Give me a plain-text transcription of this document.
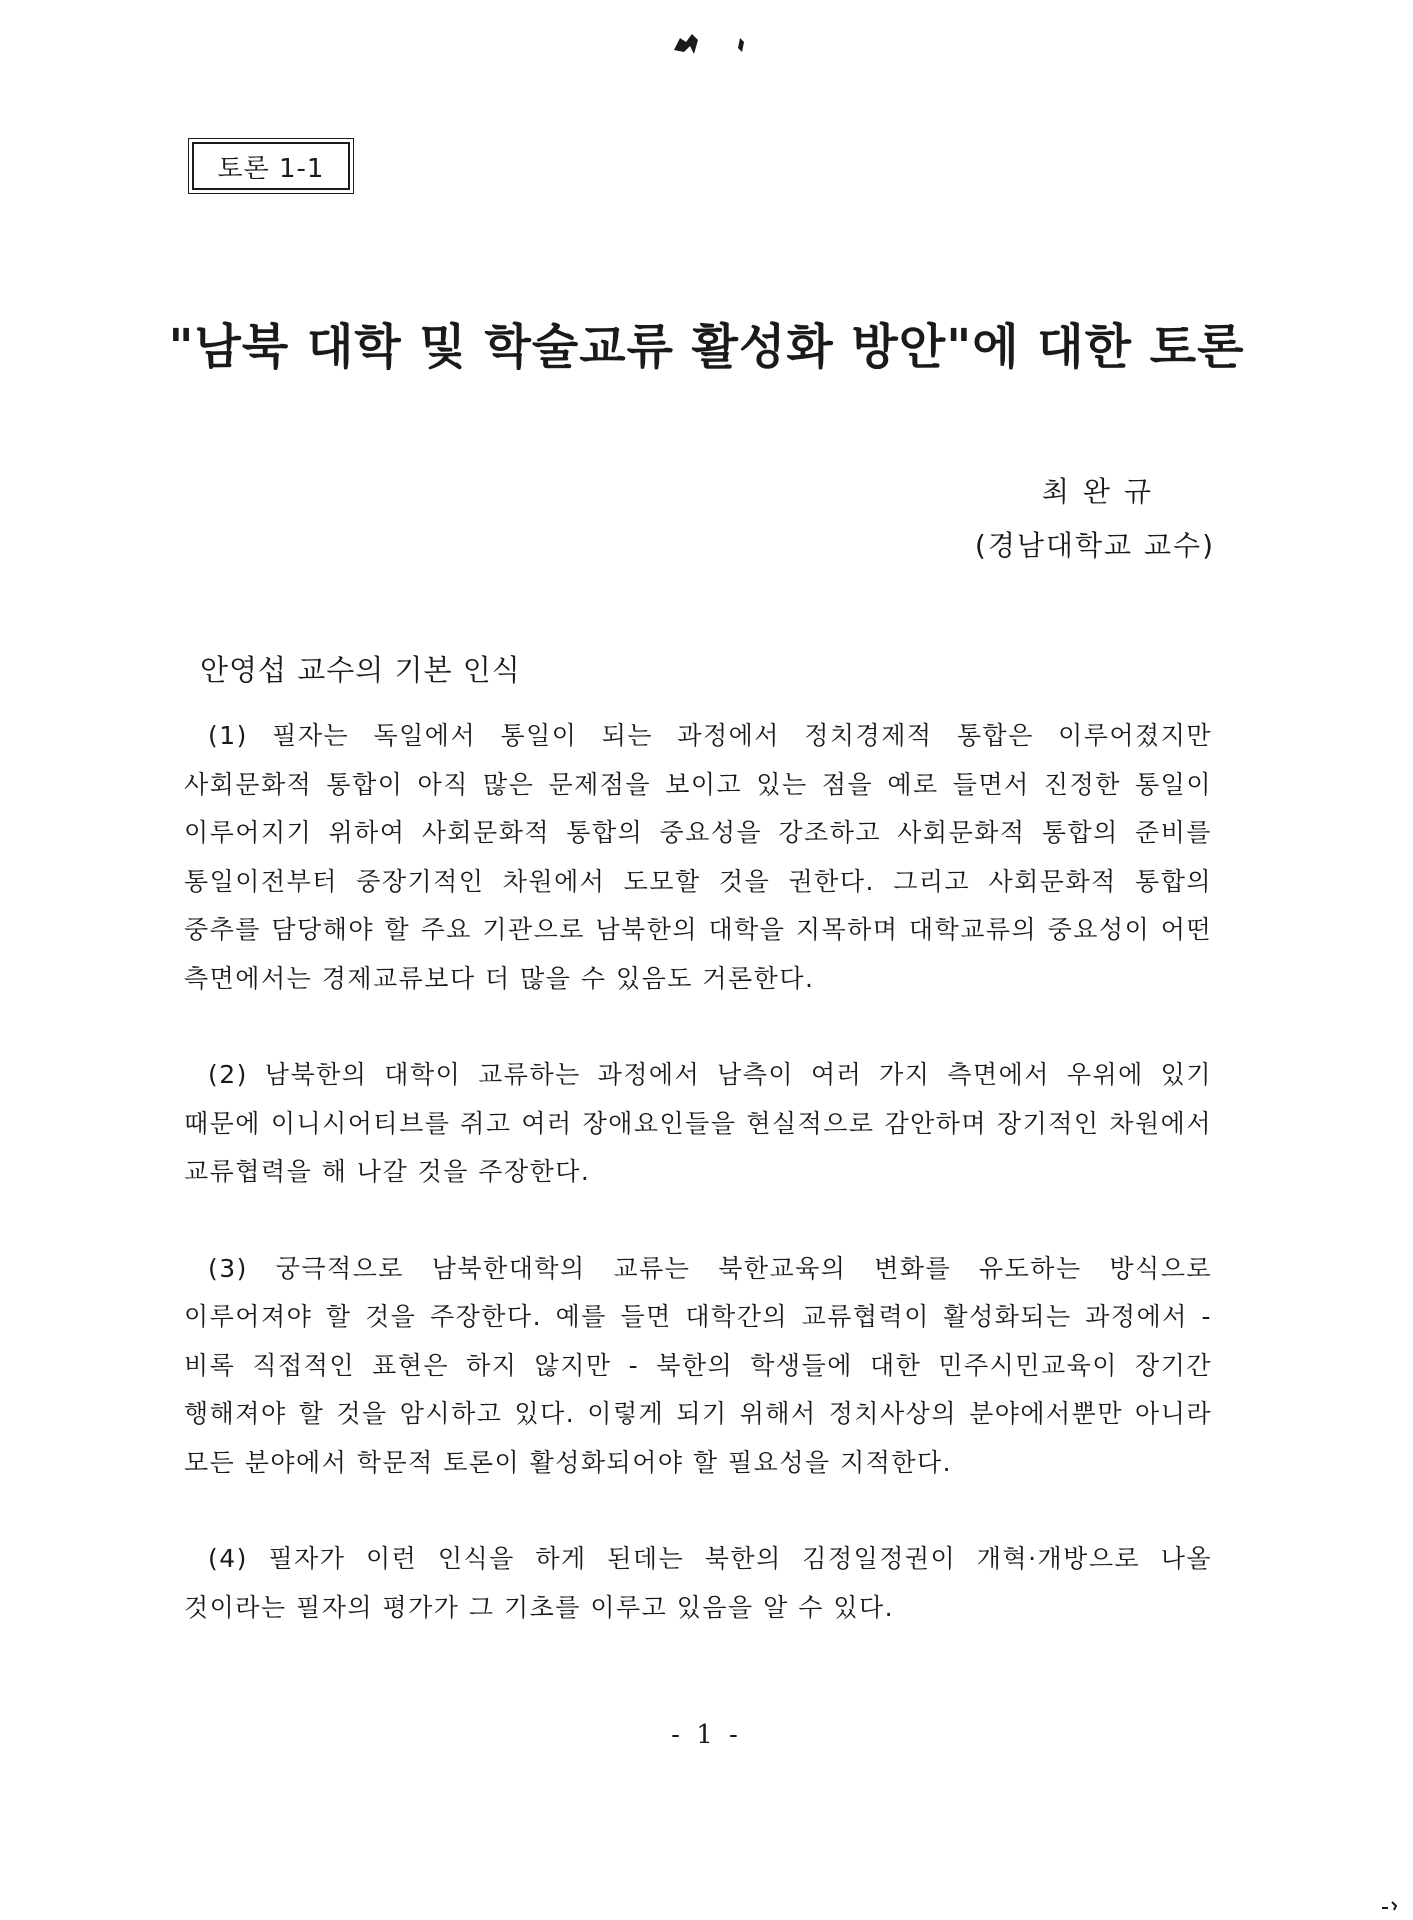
토론 1-1
"남북 대학 및 학술교류 활성화 방안"에 대한 토론
최완규
(경남대학교 교수)
안영섭 교수의 기본 인식

(1) 필자는 독일에서 통일이 되는 과정에서 정치경제적 통합은 이루어졌지만 사회문화적 통합이 아직 많은 문제점을 보이고 있는 점을 예로 들면서 진정한 통일이 이루어지기 위하여 사회문화적 통합의 중요성을 강조하고 사회문화적 통합의 준비를 통일이전부터 중장기적인 차원에서 도모할 것을 권한다. 그리고 사회문화적 통합의 중추를 담당해야 할 주요 기관으로 남북한의 대학을 지목하며 대학교류의 중요성이 어떤 측면에서는 경제교류보다 더 많을 수 있음도 거론한다.

(2) 남북한의 대학이 교류하는 과정에서 남측이 여러 가지 측면에서 우위에 있기 때문에 이니시어티브를 쥐고 여러 장애요인들을 현실적으로 감안하며 장기적인 차원에서 교류협력을 해 나갈 것을 주장한다.

(3) 궁극적으로 남북한대학의 교류는 북한교육의 변화를 유도하는 방식으로 이루어져야 할 것을 주장한다. 예를 들면 대학간의 교류협력이 활성화되는 과정에서 - 비록 직접적인 표현은 하지 않지만 - 북한의 학생들에 대한 민주시민교육이 장기간 행해져야 할 것을 암시하고 있다. 이렇게 되기 위해서 정치사상의 분야에서뿐만 아니라 모든 분야에서 학문적 토론이 활성화되어야 할 필요성을 지적한다.

(4) 필자가 이런 인식을 하게 된데는 북한의 김정일정권이 개혁·개방으로 나올 것이라는 필자의 평가가 그 기초를 이루고 있음을 알 수 있다.

- 1 -
